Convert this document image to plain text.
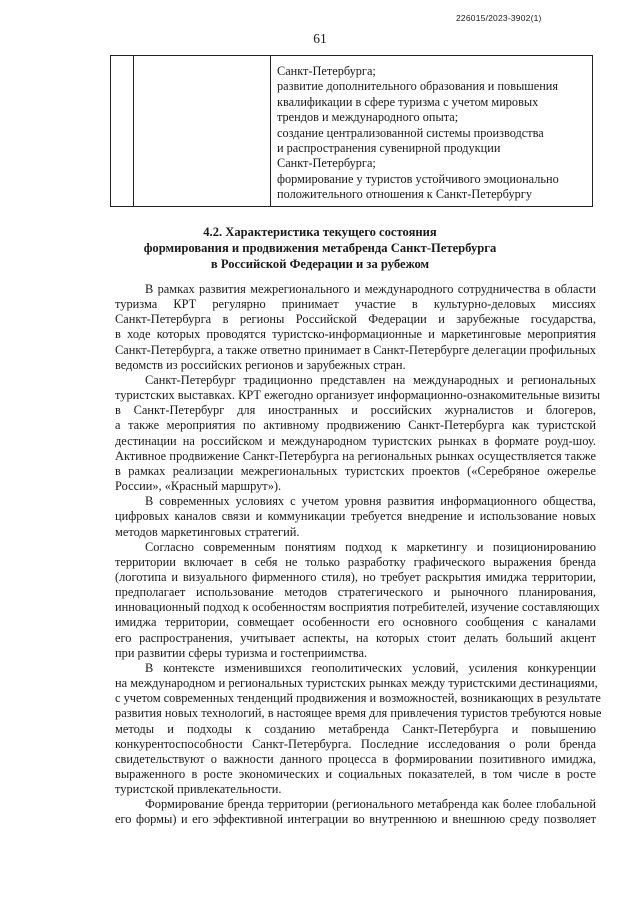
226015/2023-3902(1)
61
Санкт-Петербурга;
развитие дополнительного образования и повышения
квалификации в сфере туризма с учетом мировых
трендов и международного опыта;
создание централизованной системы производства
и распространения сувенирной продукции
Санкт-Петербурга;
формирование у туристов устойчивого эмоционально
положительного отношения к Санкт-Петербургу
4.2. Характеристика текущего состояния
формирования и продвижения метабренда Санкт-Петербурга
в Российской Федерации и за рубежом
В рамках развития межрегионального и международного сотрудничества в области
туризма КРТ регулярно принимает участие в культурно-деловых миссиях
Санкт-Петербурга в регионы Российской Федерации и зарубежные государства,
в ходе которых проводятся туристско-информационные и маркетинговые мероприятия
Санкт-Петербурга, а также ответно принимает в Санкт-Петербурге делегации профильных
ведомств из российских регионов и зарубежных стран.
Санкт-Петербург традиционно представлен на международных и региональных
туристских выставках. КРТ ежегодно организует информационно-ознакомительные визиты
в Санкт-Петербург для иностранных и российских журналистов и блогеров,
а также мероприятия по активному продвижению Санкт-Петербурга как туристской
дестинации на российском и международном туристских рынках в формате роуд-шоу.
Активное продвижение Санкт-Петербурга на региональных рынках осуществляется также
в рамках реализации межрегиональных туристских проектов («Серебряное ожерелье
России», «Красный маршрут»).
В современных условиях с учетом уровня развития информационного общества,
цифровых каналов связи и коммуникации требуется внедрение и использование новых
методов маркетинговых стратегий.
Согласно современным понятиям подход к маркетингу и позиционированию
территории включает в себя не только разработку графического выражения бренда
(логотипа и визуального фирменного стиля), но требует раскрытия имиджа территории,
предполагает использование методов стратегического и рыночного планирования,
инновационный подход к особенностям восприятия потребителей, изучение составляющих
имиджа территории, совмещает особенности его основного сообщения с каналами
его распространения, учитывает аспекты, на которых стоит делать больший акцент
при развитии сферы туризма и гостеприимства.
В контексте изменившихся геополитических условий, усиления конкуренции
на международном и региональных туристских рынках между туристскими дестинациями,
с учетом современных тенденций продвижения и возможностей, возникающих в результате
развития новых технологий, в настоящее время для привлечения туристов требуются новые
методы и подходы к созданию метабренда Санкт-Петербурга и повышению
конкурентоспособности Санкт-Петербурга. Последние исследования о роли бренда
свидетельствуют о важности данного процесса в формировании позитивного имиджа,
выраженного в росте экономических и социальных показателей, в том числе в росте
туристской привлекательности.
Формирование бренда территории (регионального метабренда как более глобальной
его формы) и его эффективной интеграции во внутреннюю и внешнюю среду позволяет
